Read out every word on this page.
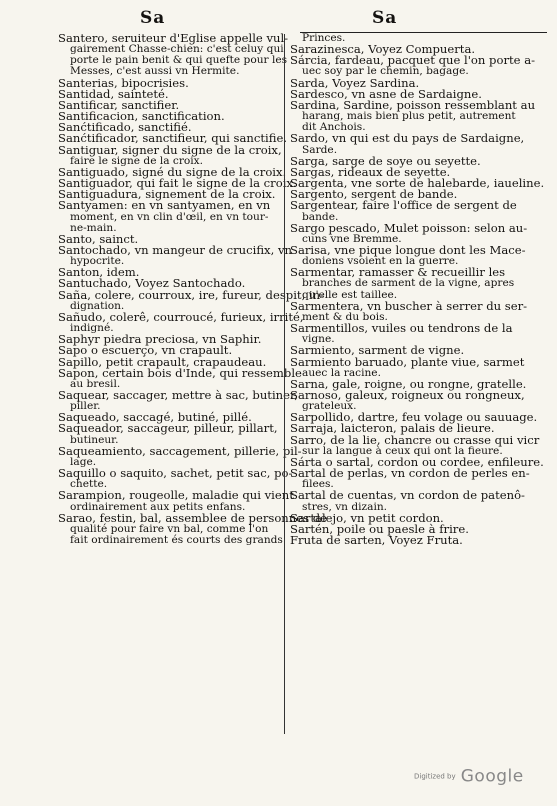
Sa	Sa
Santero, seruiteur d'Eglise appelle vul-
gairement Chasse-chien: c'est celuy qui
porte le pain benit & qui quefte pour les
Messes, c'est aussi vn Hermite.
Santerias, bipocrisies.
Santidad, sainteté.
Santificar, sanctifier.
Santificacion, sanctification.
Sanćtificado, sanctifié.
Sanćtificador, sanctifieur, qui sanctifie.
Santiguar, signer du signe de la croix,
faire le signe de la croix.
Santiguado, signé du signe de la croix.
Santiguador, qui fait le signe de la croix.
Santiguadura, signement de la croix.
Santyamen: en vn santyamen, en vn
moment, en vn clin d'œil, en vn tour-
ne-main.
Santo, sainct.
Santochado, vn mangeur de crucifix, vn
hypocrite.
Santon, idem.
Santuchado, Voyez Santochado.
Saña, colere, courroux, ire, fureur, despit, in-
dignation.
Sañudo, colerê, courroucé, furieux, irrité,
indigné.
Saphyr piedra preciosa, vn Saphir.
Sapo o escuerço, vn crapault.
Sapillo, petit crapault, crapaudeau.
Sapon, certain bois d'Inde, qui ressemble
au bresil.
Saquear, saccager, mettre à sac, butiner,
piller.
Saqueado, saccagé, butiné, pillé.
Saqueador, saccageur, pilleur, pillart,
butineur.
Saqueamiento, saccagement, pillerie, pil-
lage.
Saquillo o saquito, sachet, petit sac, po-
chette.
Sarampion, rougeolle, maladie qui vient
ordinairement aux petits enfans.
Sarao, festin, bal, assemblee de personnes de
qualité pour faire vn bal, comme l'on
fait ordinairement és courts des grands
Princes.
Sarazinesca, Voyez Compuerta.
Sárcia, fardeau, pacquet que l'on porte a-
uec soy par le chemin, bagage.
Sarda, Voyez Sardina.
Sardesco, vn asne de Sardaigne.
Sardina, Sardine, poisson ressemblant au
harang, mais bien plus petit, autrement
dit Anchois.
Sardo, vn qui est du pays de Sardaigne,
Sarde.
Sarga, sarge de soye ou seyette.
Sargas, rideaux de seyette.
Sargenta, vne sorte de halebarde, iaueline.
Sargento, sergent de bande.
Sargentear, faire l'office de sergent de
bande.
Sargo pescado, Mulet poisson: selon au-
cuns vne Bremme.
Sarisa, vne pique longue dont les Mace-
doniens vsoient en la guerre.
Sarmentar, ramasser & recueillir les
branches de sarment de la vigne, apres
qu'elle est taillee.
Sarmentera, vn buscher à serrer du ser-
ment & du bois.
Sarmentillos, vuiles ou tendrons de la
vigne.
Sarmiento, sarment de vigne.
Sarmiento baruado, plante viue, sarmet
auec la racine.
Sarna, gale, roigne, ou rongne, gratelle.
Sarnoso, galeux, roigneux ou rongneux,
grateleux.
Sarpollido, dartre, feu volage ou sauuage.
Sarraja, laicteron, palais de lieure.
Sarro, de la lie, chancre ou crasse qui vicr
sur la langue à ceux qui ont la fieure.
Sárta o sartal, cordon ou cordee, enfileure.
Sartal de perlas, vn cordon de perles en-
filees.
Sartal de cuentas, vn cordon de patenô-
stres, vn dizain.
Sartalejo, vn petit cordon.
Sartén, poile ou paesle à frire.
Fruta de sarten, Voyez Fruta.
Digitized by Google
